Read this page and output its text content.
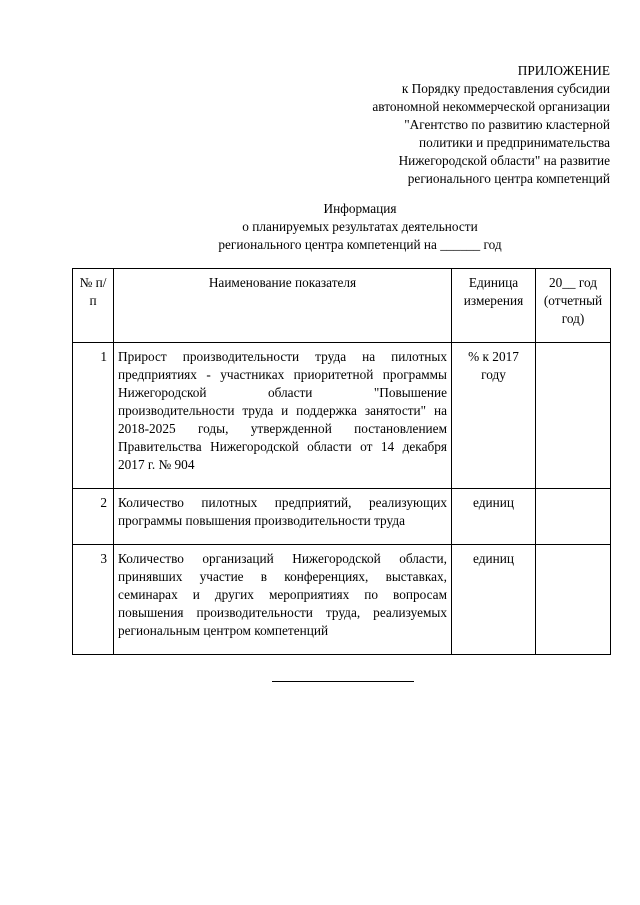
ПРИЛОЖЕНИЕ
к Порядку предоставления субсидии
автономной некоммерческой организации
"Агентство по развитию кластерной
политики и предпринимательства
Нижегородской области" на развитие
регионального центра компетенций
Информация
о планируемых результатах деятельности
регионального центра компетенций на ______ год
№ п/п	Наименование показателя	Единица измерения	20__ год (отчетный год)
1	Прирост производительности труда на пилотных предприятиях - участниках приоритетной программы Нижегородской области "Повышение производительности труда и поддержка занятости" на 2018-2025 годы, утвержденной постановлением Правительства Нижегородской области от 14 декабря 2017 г. № 904	% к 2017 году	
2	Количество пилотных предприятий, реализующих программы повышения производительности труда	единиц	
3	Количество организаций Нижегородской области, принявших участие в конференциях, выставках, семинарах и других мероприятиях по вопросам повышения производительности труда, реализуемых региональным центром компетенций	единиц	
